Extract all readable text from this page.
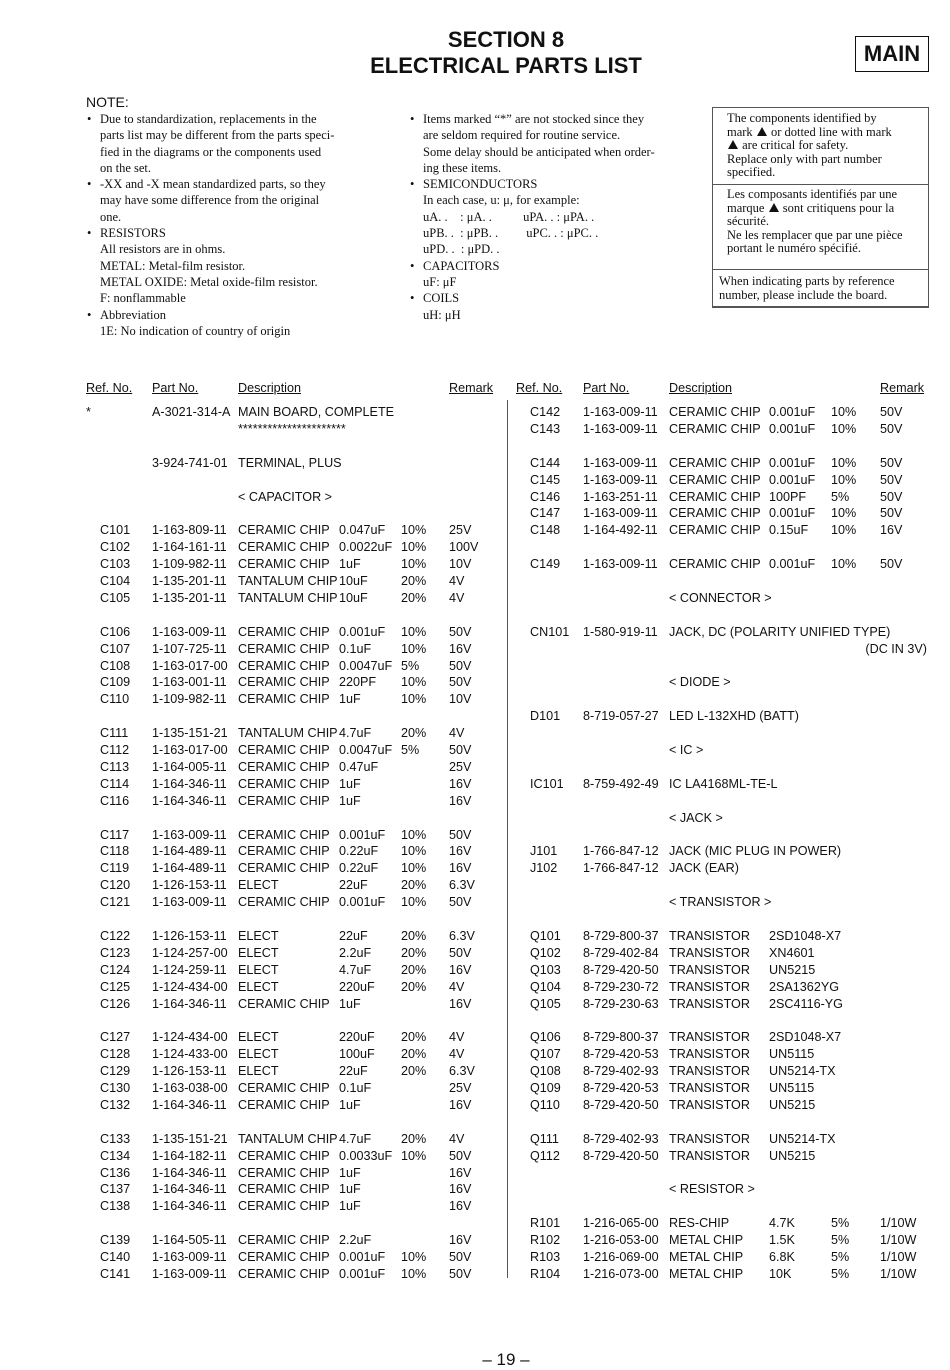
SECTION 8
ELECTRICAL PARTS LIST	MAIN
NOTE:
• Due to standardization, replacements in the
parts list may be different from the parts speci-
fied in the diagrams or the components used
on the set.
• -XX and -X mean standardized parts, so they
may have some difference from the original
one.
• RESISTORS
All resistors are in ohms.
METAL: Metal-film resistor.
METAL OXIDE: Metal oxide-film resistor.
F: nonflammable
• Abbreviation
1E: No indication of country of origin
• Items marked “*” are not stocked since they
are seldom required for routine service.
Some delay should be anticipated when order-
ing these items.
• SEMICONDUCTORS
In each case, u: μ, for example:
uA. .    : μA. .          uPA. . : μPA. .
uPB. .  : μPB. .         uPC. . : μPC. .
uPD. .  : μPD. .
• CAPACITORS
uF: μF
• COILS
uH: μH
The components identified by
mark  or dotted line with mark
are critical for safety.
Replace only with part number
specified.
Les composants identifiés par une
marque  sont critiquens pour la
sécurité.
Ne les remplacer que par une pièce
portant le numéro spécifié.
When indicating parts by reference
number, please include the board.
Ref. No. Part No.	Description	Remark Ref. No. Part No.	Description	Remark
*	A-3021-314-A MAIN BOARD, COMPLETE
**********************
3-924-741-01 TERMINAL, PLUS
< CAPACITOR >
C101 1-163-809-11 CERAMIC CHIP 0.047uF 10% 25V
C102 1-164-161-11 CERAMIC CHIP 0.0022uF 10% 100V
C103 1-109-982-11 CERAMIC CHIP 1uF	10% 10V
C104 1-135-201-11 TANTALUM CHIP 10uF	20% 4V
C105 1-135-201-11 TANTALUM CHIP 10uF	20% 4V
C106 1-163-009-11 CERAMIC CHIP 0.001uF 10% 50V
C107 1-107-725-11 CERAMIC CHIP 0.1uF 10% 16V
C108 1-163-017-00 CERAMIC CHIP 0.0047uF 5% 50V
C109 1-163-001-11 CERAMIC CHIP 220PF 10% 50V
C110 1-109-982-11 CERAMIC CHIP 1uF	10% 10V
C111 1-135-151-21 TANTALUM CHIP 4.7uF 20% 4V
C112 1-163-017-00 CERAMIC CHIP 0.0047uF 5% 50V
C113 1-164-005-11 CERAMIC CHIP 0.47uF	25V
C114 1-164-346-11 CERAMIC CHIP 1uF	16V
C116 1-164-346-11 CERAMIC CHIP 1uF	16V
C117 1-163-009-11 CERAMIC CHIP 0.001uF 10% 50V
C118 1-164-489-11 CERAMIC CHIP 0.22uF 10% 16V
C119 1-164-489-11 CERAMIC CHIP 0.22uF 10% 16V
C120 1-126-153-11 ELECT	22uF	20% 6.3V
C121 1-163-009-11 CERAMIC CHIP 0.001uF 10% 50V
C122 1-126-153-11 ELECT	22uF	20% 6.3V
C123 1-124-257-00 ELECT	2.2uF 20% 50V
C124 1-124-259-11 ELECT	4.7uF 20% 16V
C125 1-124-434-00 ELECT	220uF 20% 4V
C126 1-164-346-11 CERAMIC CHIP 1uF	16V
C127 1-124-434-00 ELECT	220uF 20% 4V
C128 1-124-433-00 ELECT	100uF 20% 4V
C129 1-126-153-11 ELECT	22uF	20% 6.3V
C130 1-163-038-00 CERAMIC CHIP 0.1uF	25V
C132 1-164-346-11 CERAMIC CHIP 1uF	16V
C133 1-135-151-21 TANTALUM CHIP 4.7uF 20% 4V
C134 1-164-182-11 CERAMIC CHIP 0.0033uF 10% 50V
C136 1-164-346-11 CERAMIC CHIP 1uF	16V
C137 1-164-346-11 CERAMIC CHIP 1uF	16V
C138 1-164-346-11 CERAMIC CHIP 1uF	16V
C139 1-164-505-11 CERAMIC CHIP 2.2uF	16V
C140 1-163-009-11 CERAMIC CHIP 0.001uF 10% 50V
C141 1-163-009-11 CERAMIC CHIP 0.001uF 10% 50V
C142 1-163-009-11 CERAMIC CHIP 0.001uF 10% 50V
C143 1-163-009-11 CERAMIC CHIP 0.001uF 10% 50V
C144 1-163-009-11 CERAMIC CHIP 0.001uF 10% 50V
C145 1-163-009-11 CERAMIC CHIP 0.001uF 10% 50V
C146 1-163-251-11 CERAMIC CHIP 100PF 5% 50V
C147 1-163-009-11 CERAMIC CHIP 0.001uF 10% 50V
C148 1-164-492-11 CERAMIC CHIP 0.15uF 10% 16V
C149 1-163-009-11 CERAMIC CHIP 0.001uF 10% 50V
< CONNECTOR >
CN101 1-580-919-11 JACK, DC (POLARITY UNIFIED TYPE)
(DC IN 3V)
< DIODE >
D101 8-719-057-27 LED L-132XHD (BATT)
< IC >
IC101 8-759-492-49 IC LA4168ML-TE-L
< JACK >
J101 1-766-847-12 JACK (MIC PLUG IN POWER)
J102 1-766-847-12 JACK (EAR)
< TRANSISTOR >
Q101 8-729-800-37 TRANSISTOR 2SD1048-X7
Q102 8-729-402-84 TRANSISTOR XN4601
Q103 8-729-420-50 TRANSISTOR UN5215
Q104 8-729-230-72 TRANSISTOR 2SA1362YG
Q105 8-729-230-63 TRANSISTOR 2SC4116-YG
Q106 8-729-800-37 TRANSISTOR 2SD1048-X7
Q107 8-729-420-53 TRANSISTOR UN5115
Q108 8-729-402-93 TRANSISTOR UN5214-TX
Q109 8-729-420-53 TRANSISTOR UN5115
Q110 8-729-420-50 TRANSISTOR UN5215
Q111 8-729-402-93 TRANSISTOR UN5214-TX
Q112 8-729-420-50 TRANSISTOR UN5215
< RESISTOR >
R101 1-216-065-00 RES-CHIP	4.7K	5% 1/10W
R102 1-216-053-00 METAL CHIP 1.5K	5% 1/10W
R103 1-216-069-00 METAL CHIP 6.8K	5% 1/10W
R104 1-216-073-00 METAL CHIP 10K	5% 1/10W
– 19 –
